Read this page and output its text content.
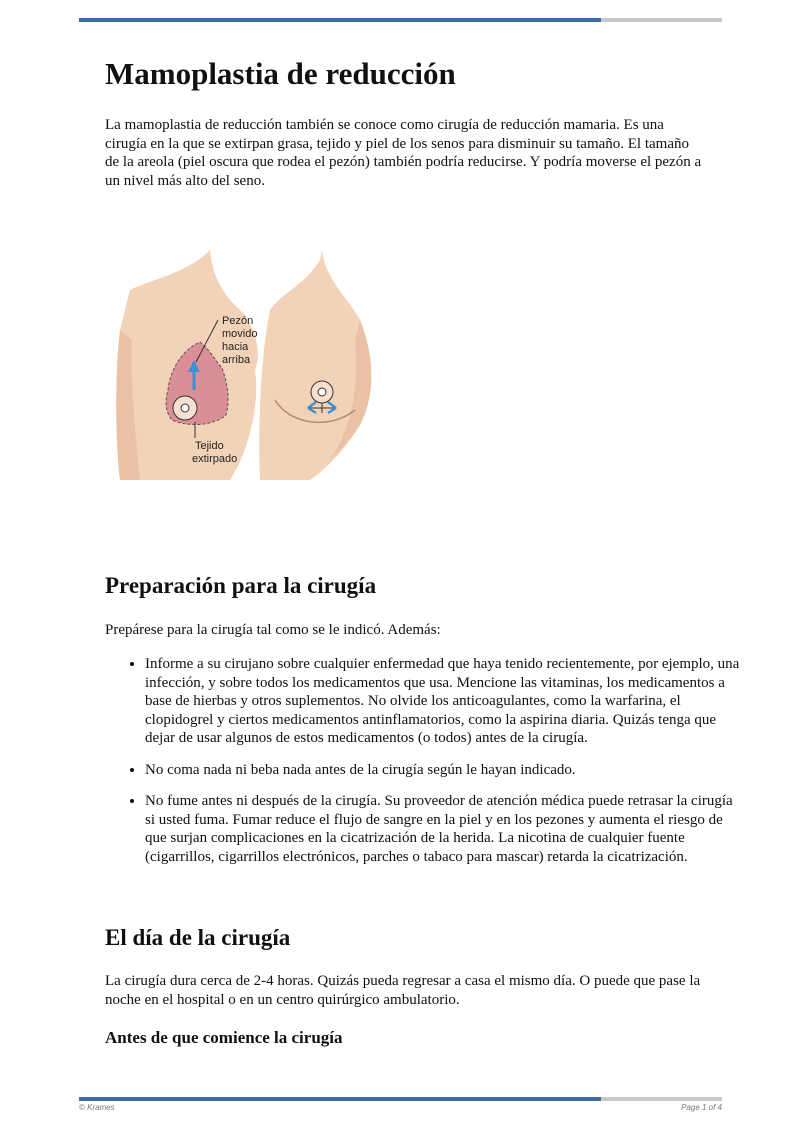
Mamoplastia de reducción

La mamoplastia de reducción también se conoce como cirugía de reducción mamaria. Es una cirugía en la que se extirpan grasa, tejido y piel de los senos para disminuir su tamaño. El tamaño de la areola (piel oscura que rodea el pezón) también podría reducirse. Y podría moverse el pezón a un nivel más alto del seno.

Pezón
movido
hacia
arriba
Tejido
extirpado
Preparación para la cirugía

Prepárese para la cirugía tal como se le indicó. Además:

• Informe a su cirujano sobre cualquier enfermedad que haya tenido recientemente, por ejemplo, una infección, y sobre todos los medicamentos que usa. Mencione las vitaminas, los medicamentos a base de hierbas y otros suplementos. No olvide los anticoagulantes, como la warfarina, el clopidogrel y ciertos medicamentos antinflamatorios, como la aspirina diaria. Quizás tenga que dejar de usar algunos de estos medicamentos (o todos) antes de la cirugía.
• No coma nada ni beba nada antes de la cirugía según le hayan indicado.
• No fume antes ni después de la cirugía. Su proveedor de atención médica puede retrasar la cirugía si usted fuma. Fumar reduce el flujo de sangre en la piel y en los pezones y aumenta el riesgo de que surjan complicaciones en la cicatrización de la herida. La nicotina de cualquier fuente (cigarrillos, cigarrillos electrónicos, parches o tabaco para mascar) retarda la cicatrización.
El día de la cirugía

La cirugía dura cerca de 2-4 horas. Quizás pueda regresar a casa el mismo día. O puede que pase la noche en el hospital o en un centro quirúrgico ambulatorio.

Antes de que comience la cirugía
© Krames	Page 1 of 4
